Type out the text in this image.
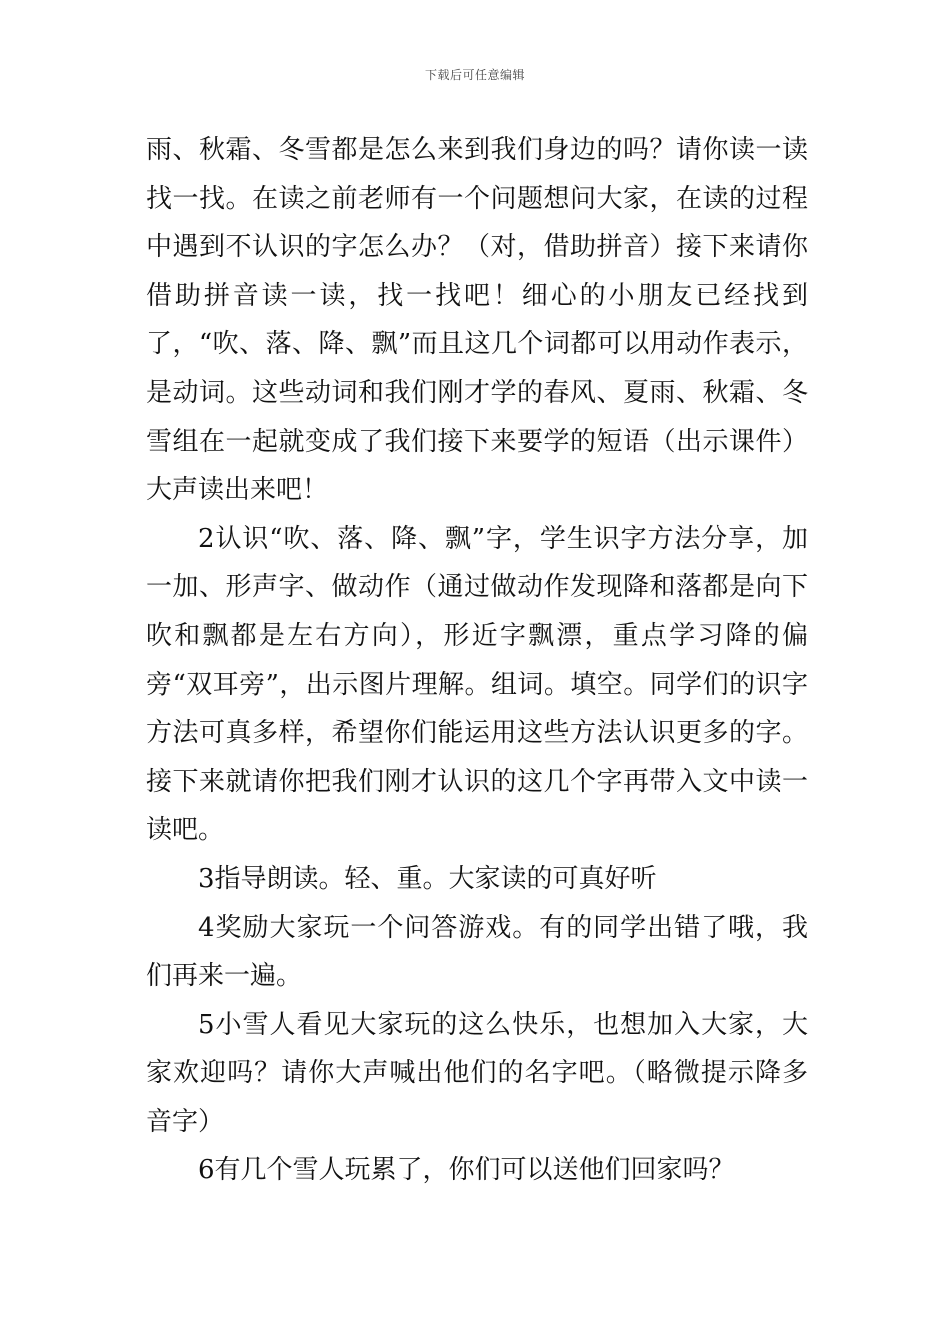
下载后可任意编辑

雨、秋霜、冬雪都是怎么来到我们身边的吗？请你读一读找一找。在读之前老师有一个问题想问大家，在读的过程中遇到不认识的字怎么办？（对，借助拼音）接下来请你借助拼音读一读，找一找吧！细心的小朋友已经找到了，“吹、落、降、飘”而且这几个词都可以用动作表示，是动词。这些动词和我们刚才学的春风、夏雨、秋霜、冬雪组在一起就变成了我们接下来要学的短语（出示课件）大声读出来吧！

2认识“吹、落、降、飘”字，学生识字方法分享，加一加、形声字、做动作（通过做动作发现降和落都是向下吹和飘都是左右方向），形近字飘漂，重点学习降的偏旁“双耳旁”，出示图片理解。组词。填空。同学们的识字方法可真多样，希望你们能运用这些方法认识更多的字。接下来就请你把我们刚才认识的这几个字再带入文中读一读吧。

3指导朗读。轻、重。大家读的可真好听

4奖励大家玩一个问答游戏。有的同学出错了哦，我们再来一遍。

5小雪人看见大家玩的这么快乐，也想加入大家，大家欢迎吗？请你大声喊出他们的名字吧。（略微提示降多音字）

6有几个雪人玩累了，你们可以送他们回家吗？
